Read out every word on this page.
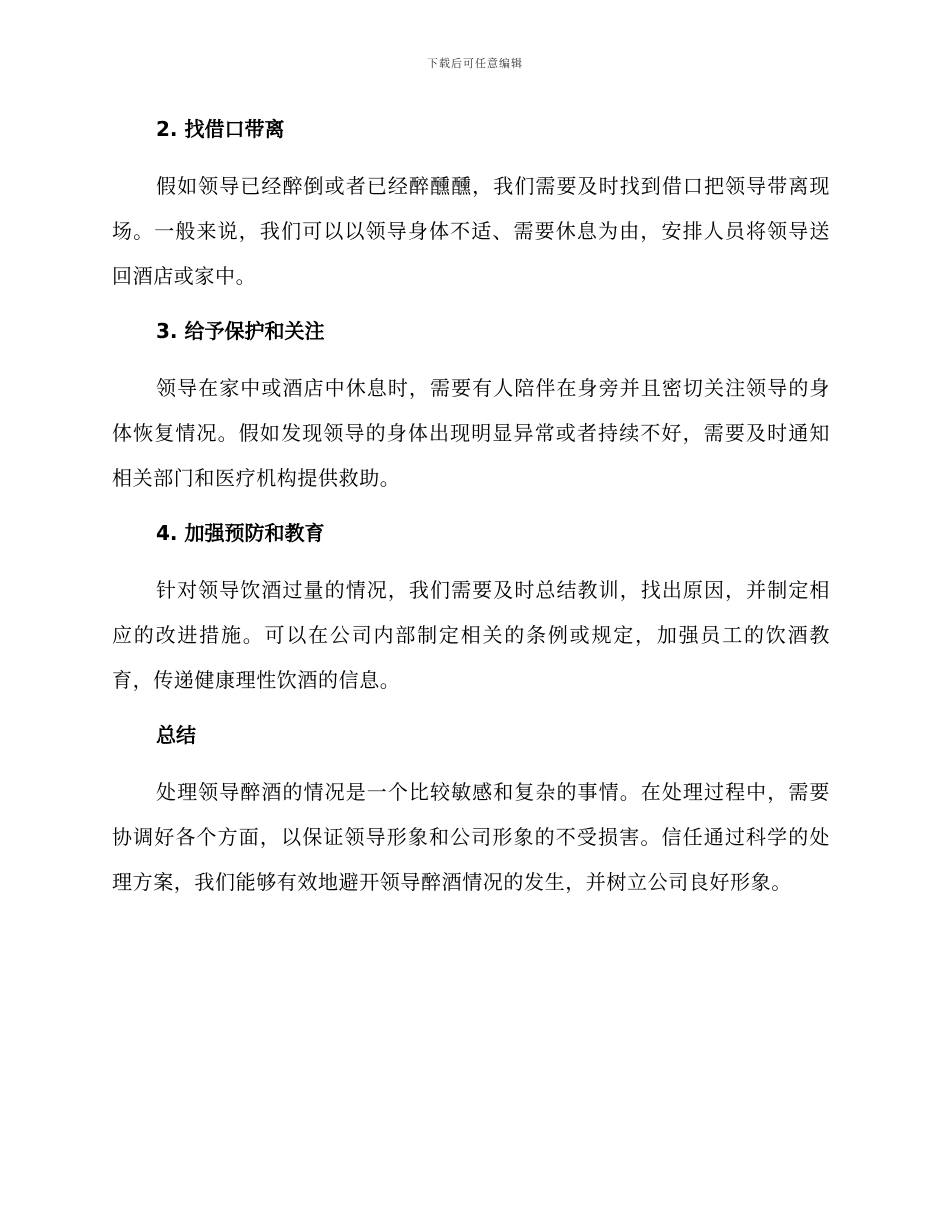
下载后可任意编辑
2. 找借口带离

假如领导已经醉倒或者已经醉醺醺，我们需要及时找到借口把领导带离现场。一般来说，我们可以以领导身体不适、需要休息为由，安排人员将领导送回酒店或家中。

3. 给予保护和关注

领导在家中或酒店中休息时，需要有人陪伴在身旁并且密切关注领导的身体恢复情况。假如发现领导的身体出现明显异常或者持续不好，需要及时通知相关部门和医疗机构提供救助。

4. 加强预防和教育

针对领导饮酒过量的情况，我们需要及时总结教训，找出原因，并制定相应的改进措施。可以在公司内部制定相关的条例或规定，加强员工的饮酒教育，传递健康理性饮酒的信息。

总结

处理领导醉酒的情况是一个比较敏感和复杂的事情。在处理过程中，需要协调好各个方面，以保证领导形象和公司形象的不受损害。信任通过科学的处理方案，我们能够有效地避开领导醉酒情况的发生，并树立公司良好形象。
